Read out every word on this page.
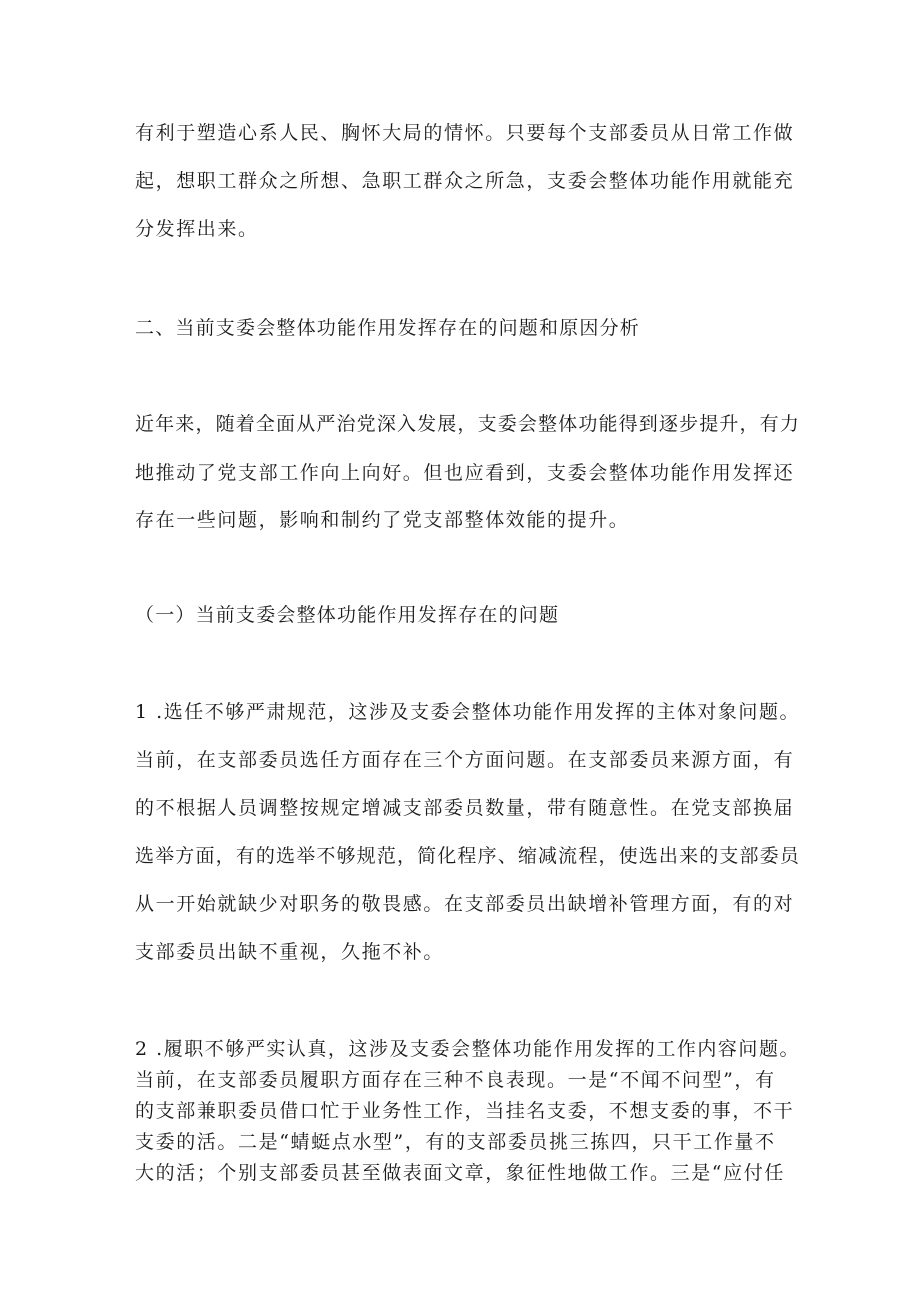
有利于塑造心系人民、胸怀大局的情怀。只要每个支部委员从日常工作做
起，想职工群众之所想、急职工群众之所急，支委会整体功能作用就能充
分发挥出来。
二、当前支委会整体功能作用发挥存在的问题和原因分析
近年来，随着全面从严治党深入发展，支委会整体功能得到逐步提升，有力
地推动了党支部工作向上向好。但也应看到，支委会整体功能作用发挥还
存在一些问题，影响和制约了党支部整体效能的提升。
（一）当前支委会整体功能作用发挥存在的问题
1 .选任不够严肃规范，这涉及支委会整体功能作用发挥的主体对象问题。
当前，在支部委员选任方面存在三个方面问题。在支部委员来源方面，有
的不根据人员调整按规定增减支部委员数量，带有随意性。在党支部换届
选举方面，有的选举不够规范，简化程序、缩减流程，使选出来的支部委员
从一开始就缺少对职务的敬畏感。在支部委员出缺增补管理方面，有的对
支部委员出缺不重视，久拖不补。
2 .履职不够严实认真，这涉及支委会整体功能作用发挥的工作内容问题。
当前，在支部委员履职方面存在三种不良表现。一是“不闻不问型”，有
的支部兼职委员借口忙于业务性工作，当挂名支委，不想支委的事，不干
支委的活。二是“蜻蜓点水型”，有的支部委员挑三拣四，只干工作量不
大的活；个别支部委员甚至做表面文章，象征性地做工作。三是“应付任
